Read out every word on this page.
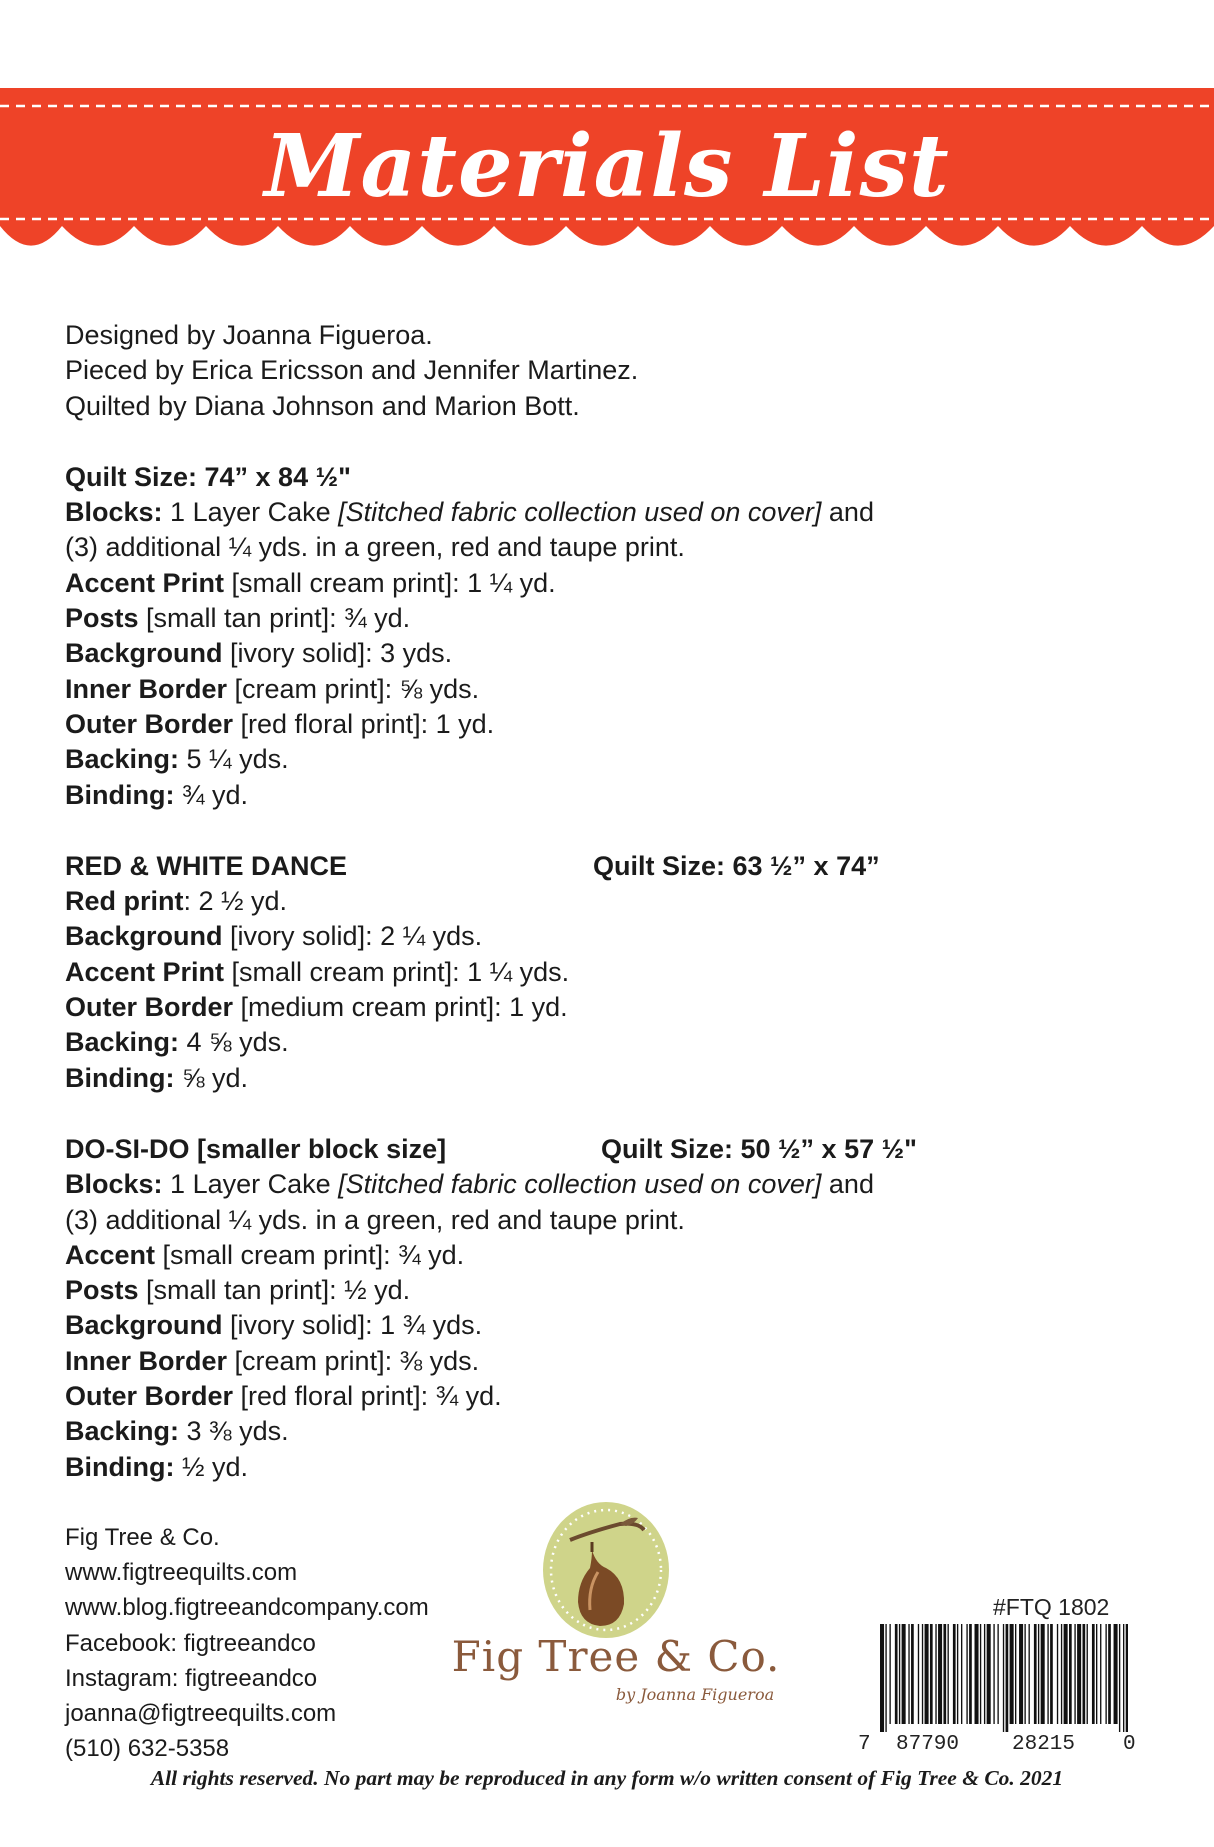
Materials List

Designed by Joanna Figueroa.

Pieced by Erica Ericsson and Jennifer Martinez.

Quilted by Diana Johnson and Marion Bott.

Quilt Size: 74” x 84 ½"

Blocks: 1 Layer Cake [Stitched fabric collection used on cover] and

(3) additional ¼ yds. in a green, red and taupe print.

Accent Print [small cream print]: 1 ¼ yd.

Posts [small tan print]: ¾ yd.

Background [ivory solid]: 3 yds.

Inner Border [cream print]: ⅝ yds.

Outer Border [red floral print]: 1 yd.

Backing: 5 ¼ yds.

Binding: ¾ yd.

RED & WHITE DANCE	Quilt Size: 63 ½” x 74”

Red print: 2 ½ yd.

Background [ivory solid]: 2 ¼ yds.

Accent Print [small cream print]: 1 ¼ yds.

Outer Border [medium cream print]: 1 yd.

Backing: 4 ⅝ yds.

Binding: ⅝ yd.

DO-SI-DO [smaller block size]	Quilt Size: 50 ½” x 57 ½"

Blocks: 1 Layer Cake [Stitched fabric collection used on cover] and

(3) additional ¼ yds. in a green, red and taupe print.

Accent [small cream print]: ¾ yd.

Posts [small tan print]: ½ yd.

Background [ivory solid]: 1 ¾ yds.

Inner Border [cream print]: ⅜ yds.

Outer Border [red floral print]: ¾ yd.

Backing: 3 ⅜ yds.

Binding: ½ yd.

Fig Tree & Co.

www.figtreequilts.com

www.blog.figtreeandcompany.com

Facebook: figtreeandco

Instagram: figtreeandco

joanna@figtreequilts.com

(510) 632-5358

Fig Tree & Co.
by Joanna Figueroa
#FTQ 1802
7 87790	28215 0
All rights reserved. No part may be reproduced in any form w/o written consent of Fig Tree & Co. 2021
